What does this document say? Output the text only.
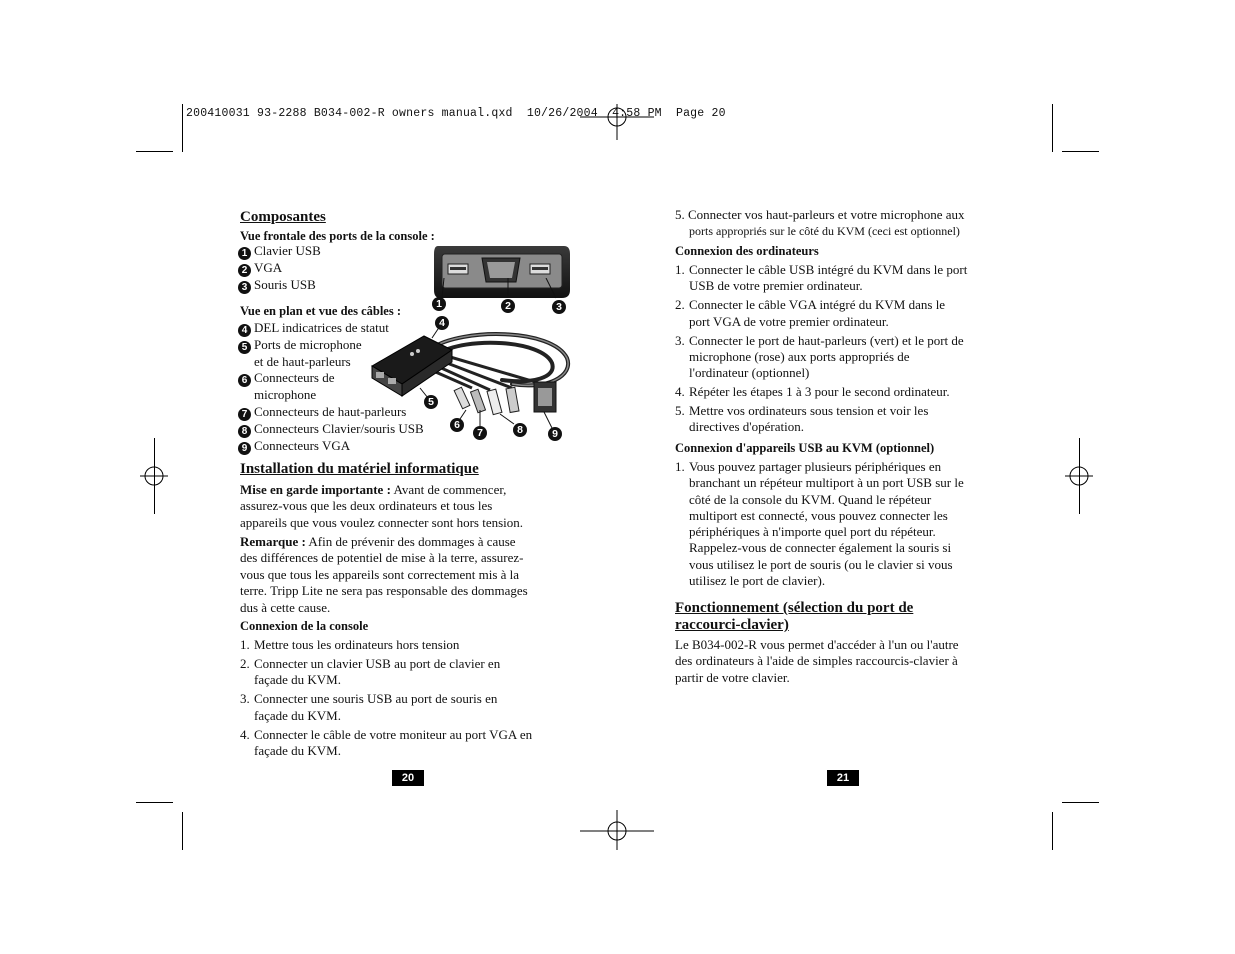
200410031 93-2288 B034-002-R owners manual.qxd  10/26/2004  4:58 PM  Page 20
Composantes
Vue frontale des ports de la console :
1 Clavier USB
2 VGA
3 Souris USB
Vue en plan et vue des câbles :
4 DEL indicatrices de statut
5 Ports de microphone
et de haut-parleurs
6 Connecteurs de
microphone
7 Connecteurs de haut-parleurs
8 Connecteurs Clavier/souris USB
9 Connecteurs VGA
1	2	3
4
5
6
7	8	9
Installation du matériel informatique
Mise en garde importante : Avant de commencer,
assurez-vous que les deux ordinateurs et tous les
appareils que vous voulez connecter sont hors tension.
Remarque : Afin de prévenir des dommages à cause
des différences de potentiel de mise à la terre, assurez-
vous que tous les appareils sont correctement mis à la
terre. Tripp Lite ne sera pas responsable des dommages
dus à cette cause.
Connexion de la console
1. Mettre tous les ordinateurs hors tension
2. Connecter un clavier USB au port de clavier en
façade du KVM.
3. Connecter une souris USB au port de souris en
façade du KVM.
4. Connecter le câble de votre moniteur au port VGA en
façade du KVM.
20
5. Connecter vos haut-parleurs et votre microphone aux
ports appropriés sur le côté du KVM (ceci est optionnel)
Connexion des ordinateurs
1. Connecter le câble USB intégré du KVM dans le port
USB de votre premier ordinateur.
2. Connecter le câble VGA intégré du KVM dans le
port VGA de votre premier ordinateur.
3. Connecter le port de haut-parleurs (vert) et le port de
microphone (rose) aux ports appropriés de
l'ordinateur (optionnel)
4. Répéter les étapes 1 à 3 pour le second ordinateur.
5. Mettre vos ordinateurs sous tension et voir les
directives d'opération.
Connexion d'appareils USB au KVM (optionnel)
1. Vous pouvez partager plusieurs périphériques en
branchant un répéteur multiport à un port USB sur le
côté de la console du KVM. Quand le répéteur
multiport est connecté, vous pouvez connecter les
périphériques à n'importe quel port du répéteur.
Rappelez-vous de connecter également la souris si
vous utilisez le port de souris (ou le clavier si vous
utilisez le port de clavier).
Fonctionnement (sélection du port de
raccourci-clavier)
Le B034-002-R vous permet d'accéder à l'un ou l'autre
des ordinateurs à l'aide de simples raccourcis-clavier à
partir de votre clavier.
21
